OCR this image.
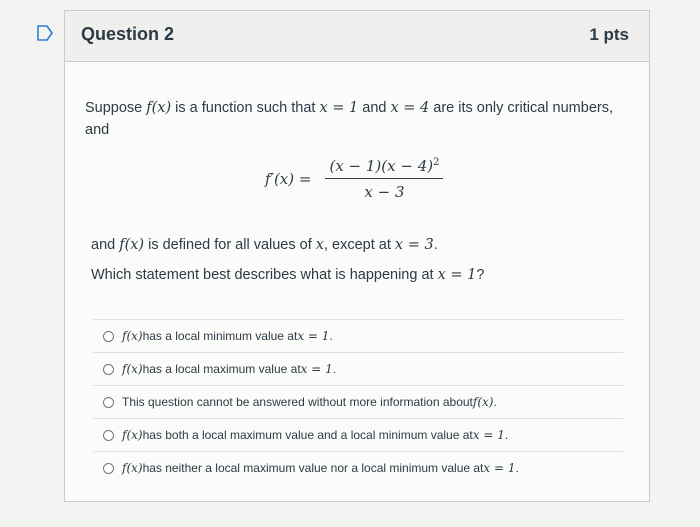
Question 2	1 pts
Suppose f(x) is a function such that x = 1 and x = 4 are its only critical numbers,
and
$f'(x) = \frac{(x - 1)(x - 4)^2}{x - 3}$
and f(x) is defined for all values of x, except at x = 3.
Which statement best describes what is happening at x = 1?
f(x) has a local minimum value at x = 1 .
f(x) has a local maximum value at x = 1 .
This question cannot be answered without more information about f(x) .
f(x) has both a local maximum value and a local minimum value at x = 1 .
f(x) has neither a local maximum value nor a local minimum value at x = 1 .
